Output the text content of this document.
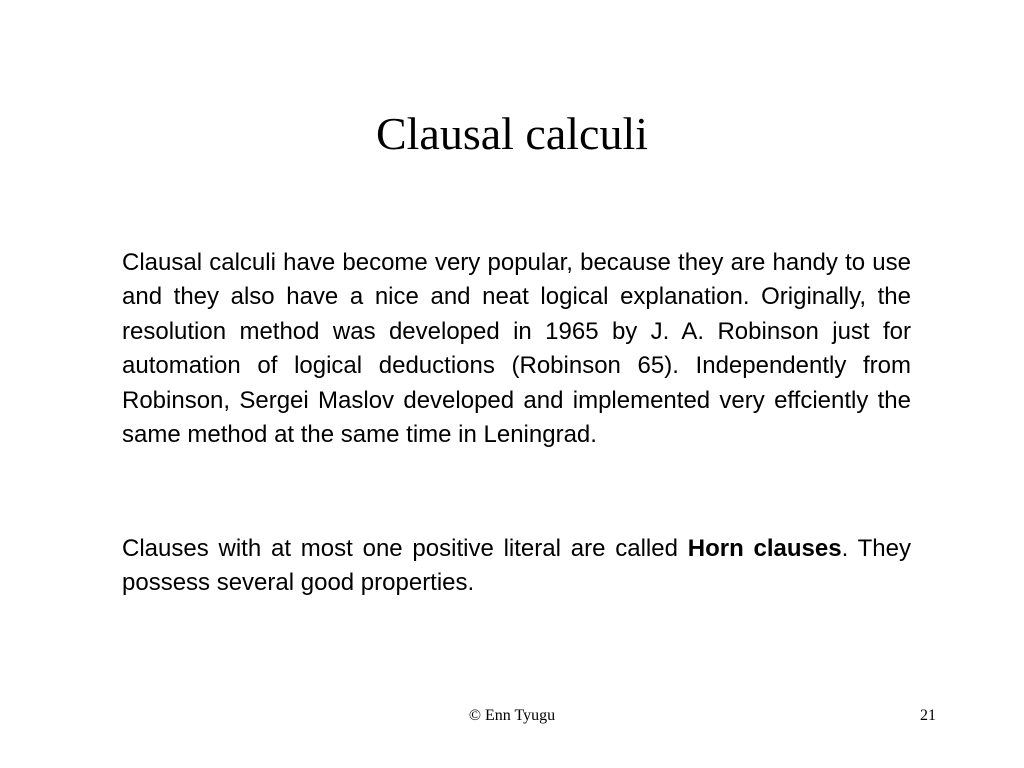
Clausal calculi

Clausal calculi have become very popular, because they are handy to use and they also have a nice and neat logical explanation. Originally, the resolution method was developed in 1965 by J. A. Robinson just for automation of logical deductions (Robinson 65). Independently from Robinson, Sergei Maslov developed and implemented very effciently the same method at the same time in Leningrad.

Clauses with at most one positive literal are called Horn clauses. They possess several good properties.

© Enn Tyugu	21
